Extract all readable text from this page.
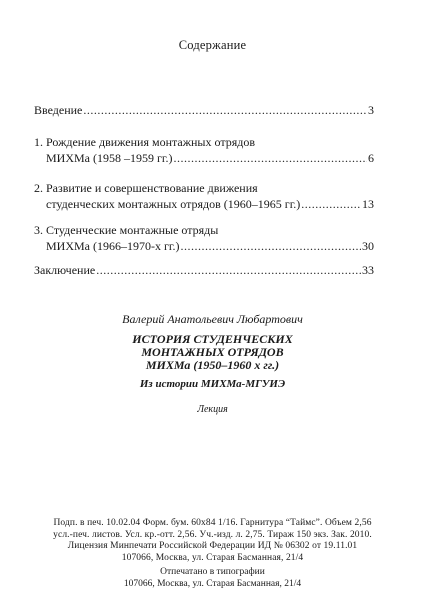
Содержание
Введение .....	3
1. Рождение движения монтажных отрядов
МИХМа (1958 –1959 гг.) .....	6
2. Развитие и совершенствование движения
студенческих монтажных отрядов (1960–1965 гг.) .....	13
3. Студенческие монтажные отряды
МИХМа (1966–1970-х гг.) .....	30
Заключение .....	33
Валерий Анатольевич Любартович
ИСТОРИЯ СТУДЕНЧЕСКИХ
МОНТАЖНЫХ ОТРЯДОВ
МИХМа (1950–1960 х гг.)
Из истории МИХМа-МГУИЭ
Лекция
Подп. в печ. 10.02.04 Форм. бум. 60х84 1/16. Гарнитура “Таймс”. Объем 2,56
усл.-печ. листов. Усл. кр.-отт. 2,56. Уч.-изд. л. 2,75. Тираж 150 экз. Зак. 2010.
Лицензия Минпечати Российской Федерации ИД № 06302 от 19.11.01
107066, Москва, ул. Старая Басманная, 21/4
Отпечатано в типографии
107066, Москва, ул. Старая Басманная, 21/4
